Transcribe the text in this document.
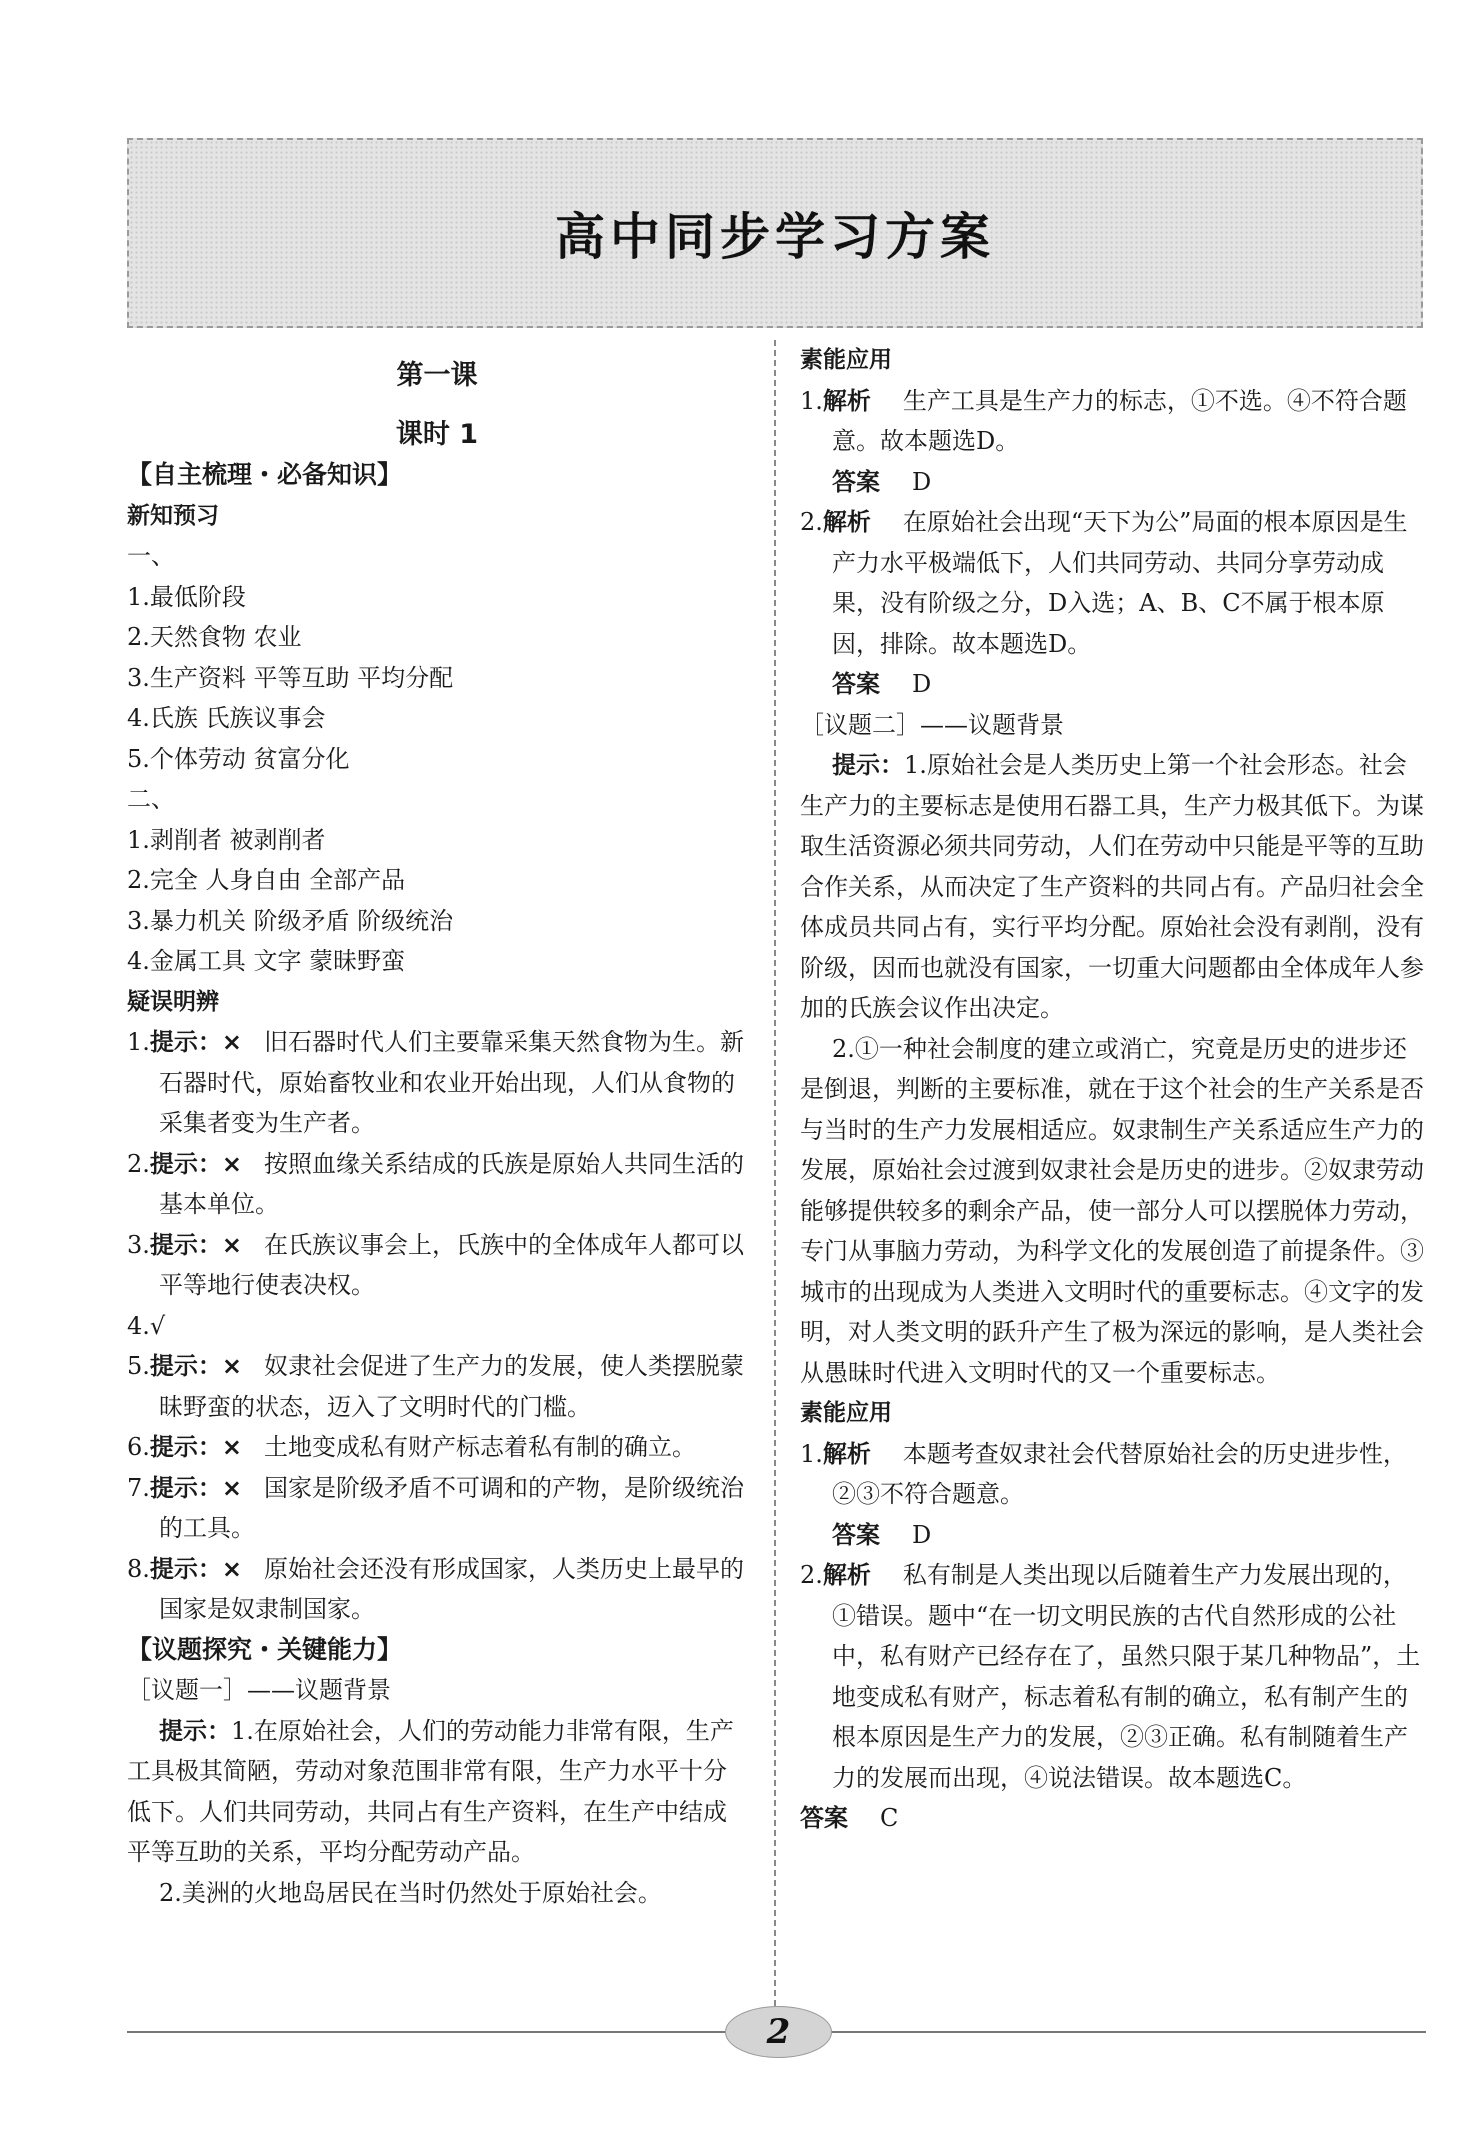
高中同步学习方案
第一课
课时 1
【自主梳理・必备知识】
新知预习
一、
1.最低阶段
2.天然食物 农业
3.生产资料 平等互助 平均分配
4.氏族 氏族议事会
5.个体劳动 贫富分化
二、
1.剥削者 被剥削者
2.完全 人身自由 全部产品
3.暴力机关 阶级矛盾 阶级统治
4.金属工具 文字 蒙昧野蛮
疑误明辨
1.提示：× 旧石器时代人们主要靠采集天然食物为生。新石器时代，原始畜牧业和农业开始出现，人们从食物的采集者变为生产者。
2.提示：× 按照血缘关系结成的氏族是原始人共同生活的基本单位。
3.提示：× 在氏族议事会上，氏族中的全体成年人都可以平等地行使表决权。
4.√
5.提示：× 奴隶社会促进了生产力的发展，使人类摆脱蒙昧野蛮的状态，迈入了文明时代的门槛。
6.提示：× 土地变成私有财产标志着私有制的确立。
7.提示：× 国家是阶级矛盾不可调和的产物，是阶级统治的工具。
8.提示：× 原始社会还没有形成国家，人类历史上最早的国家是奴隶制国家。
【议题探究・关键能力】
［议题一］——议题背景
提示：1.在原始社会，人们的劳动能力非常有限，生产工具极其简陋，劳动对象范围非常有限，生产力水平十分低下。人们共同劳动，共同占有生产资料，在生产中结成平等互助的关系，平均分配劳动产品。
2.美洲的火地岛居民在当时仍然处于原始社会。
素能应用
1.解析 生产工具是生产力的标志，①不选。④不符合题意。故本题选D。
答案 D
2.解析 在原始社会出现“天下为公”局面的根本原因是生产力水平极端低下，人们共同劳动、共同分享劳动成果，没有阶级之分，D入选；A、B、C不属于根本原因，排除。故本题选D。
答案 D
［议题二］——议题背景
提示：1.原始社会是人类历史上第一个社会形态。社会生产力的主要标志是使用石器工具，生产力极其低下。为谋取生活资源必须共同劳动，人们在劳动中只能是平等的互助合作关系，从而决定了生产资料的共同占有。产品归社会全体成员共同占有，实行平均分配。原始社会没有剥削，没有阶级，因而也就没有国家，一切重大问题都由全体成年人参加的氏族会议作出决定。
2.①一种社会制度的建立或消亡，究竟是历史的进步还是倒退，判断的主要标准，就在于这个社会的生产关系是否与当时的生产力发展相适应。奴隶制生产关系适应生产力的发展，原始社会过渡到奴隶社会是历史的进步。②奴隶劳动能够提供较多的剩余产品，使一部分人可以摆脱体力劳动，专门从事脑力劳动，为科学文化的发展创造了前提条件。③城市的出现成为人类进入文明时代的重要标志。④文字的发明，对人类文明的跃升产生了极为深远的影响，是人类社会从愚昧时代进入文明时代的又一个重要标志。
素能应用
1.解析 本题考查奴隶社会代替原始社会的历史进步性，②③不符合题意。
答案 D
2.解析 私有制是人类出现以后随着生产力发展出现的，①错误。题中“在一切文明民族的古代自然形成的公社中，私有财产已经存在了，虽然只限于某几种物品”，土地变成私有财产，标志着私有制的确立，私有制产生的根本原因是生产力的发展，②③正确。私有制随着生产力的发展而出现，④说法错误。故本题选C。
答案 C
2
